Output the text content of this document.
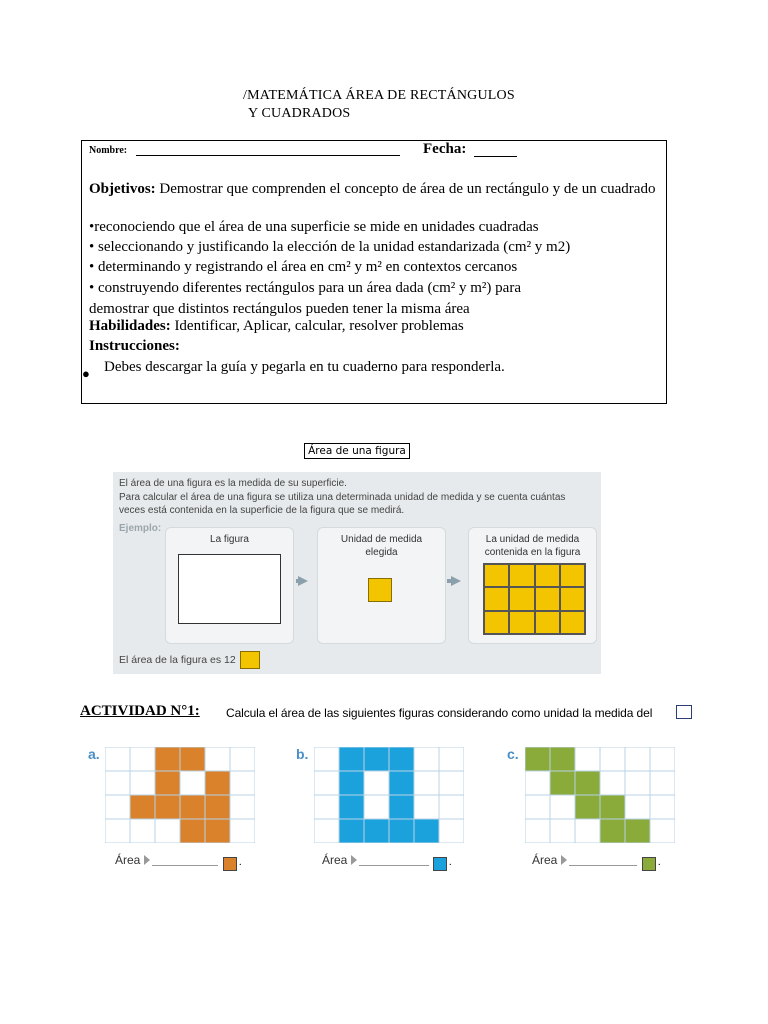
/MATEMÁTICA ÁREA DE RECTÁNGULOS
Y CUADRADOS
Nombre:	Fecha:
Objetivos: Demostrar que comprenden el concepto de área de un rectángulo y de un cuadrado
•reconociendo que el área de una superficie se mide en unidades cuadradas
• seleccionando y justificando la elección de la unidad estandarizada (cm² y m2)
• determinando y registrando el área en cm² y m² en contextos cercanos
• construyendo diferentes rectángulos para un área dada (cm² y m²) para
demostrar que distintos rectángulos pueden tener la misma área
Habilidades: Identificar, Aplicar, calcular, resolver problemas
Instrucciones:
● Debes descargar la guía y pegarla en tu cuaderno para responderla.
Área de una figura
El área de una figura es la medida de su superficie.
Para calcular el área de una figura se utiliza una determinada unidad de medida y se cuenta cuántas
veces está contenida en la superficie de la figura que se medirá.
Ejemplo:
La figura	Unidad de medida
elegida
La unidad de medida
contenida en la figura
El área de la figura es 12
ACTIVIDAD N°1: Calcula el área de las siguientes figuras considerando como unidad la medida del
a.
Área	.
b.
Área	.
c.
Área	.
